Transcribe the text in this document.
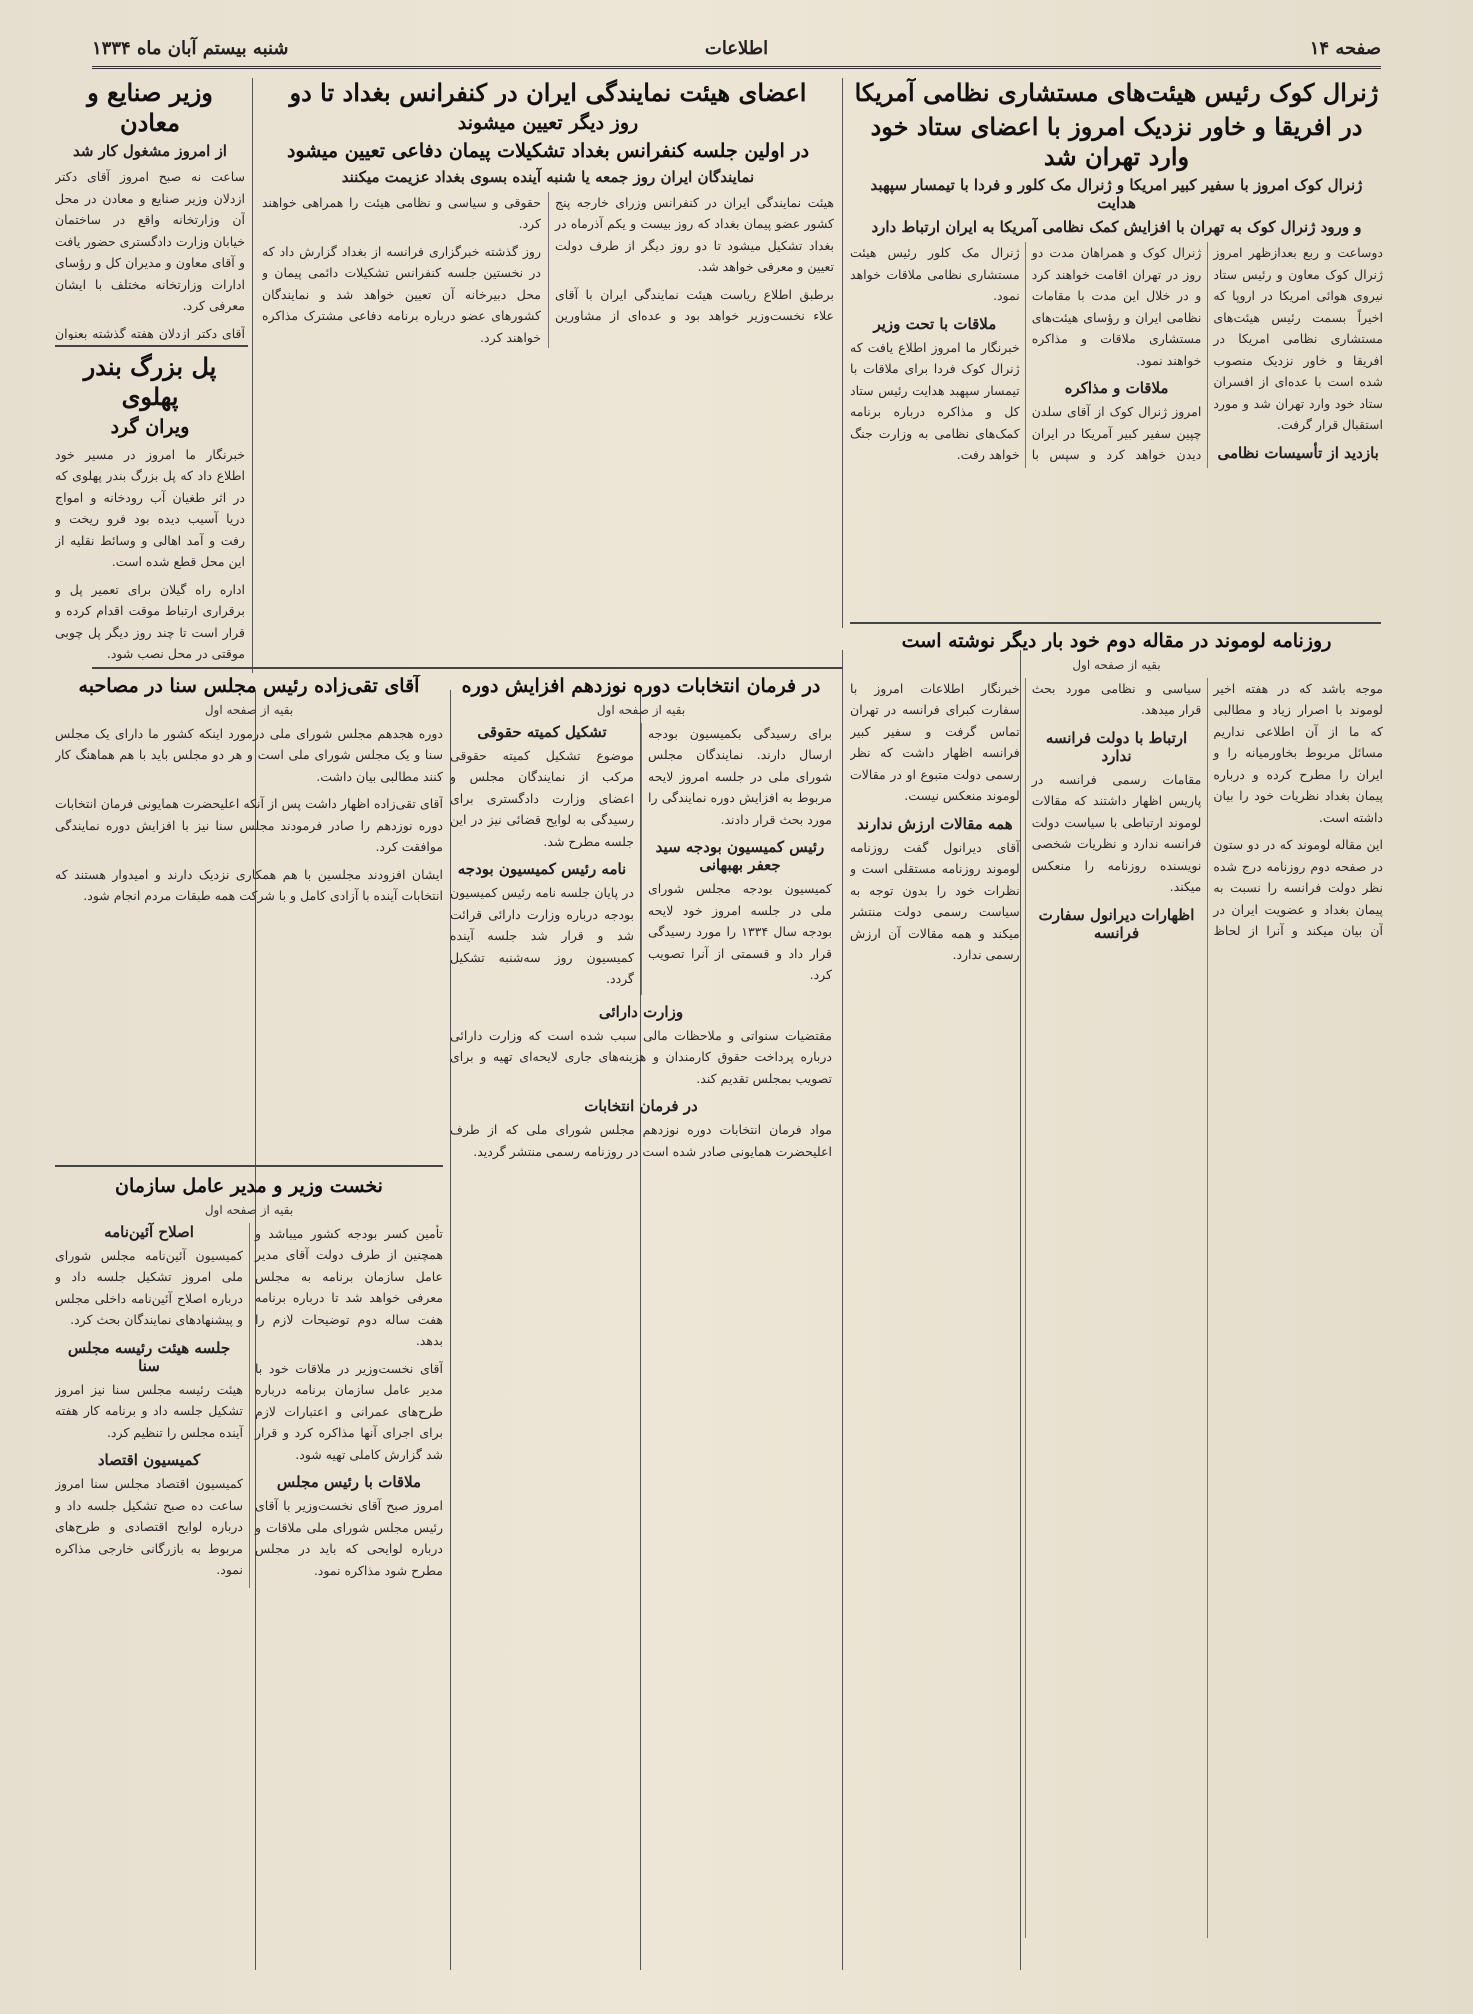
صفحه ۱۴
اطلاعات
شنبه بیستم آبان ماه ۱۳۳۴
ژنرال کوک رئیس هیئت‌های مستشاری نظامی آمریکا
در افریقا و خاور نزدیک امروز با اعضای ستاد خود وارد تهران شد
ژنرال کوک امروز با سفیر کبیر امریکا و ژنرال مک کلور و فردا با تیمسار سپهبد هدایت
و ورود ژنرال کوک به تهران با افزایش کمک نظامی آمریکا به ایران ارتباط دارد

دوساعت و ربع بعدازظهر امروز ژنرال کوک معاون و رئیس ستاد نیروی هوائی امریکا در اروپا که اخیراً بسمت رئیس هیئت‌های مستشاری نظامی امریکا در افریقا و خاور نزدیک منصوب شده است با عده‌ای از افسران ستاد خود وارد تهران شد و مورد استقبال قرار گرفت.

بازدید از تأسیسات نظامی

ژنرال کوک و همراهان مدت دو روز در تهران اقامت خواهند کرد و در خلال این مدت با مقامات نظامی ایران و رؤسای هیئت‌های مستشاری ملاقات و مذاکره خواهند نمود.

ملاقات و مذاکره

امروز ژنرال کوک از آقای سلدن چپین سفیر کبیر آمریکا در ایران دیدن خواهد کرد و سپس با ژنرال مک کلور رئیس هیئت مستشاری نظامی ملاقات خواهد نمود.

ملاقات با تحت وزیر

خبرنگار ما امروز اطلاع یافت که ژنرال کوک فردا برای ملاقات با تیمسار سپهبد هدایت رئیس ستاد کل و مذاکره درباره برنامه کمک‌های نظامی به وزارت جنگ خواهد رفت.

اعضای هیئت نمایندگی ایران در کنفرانس بغداد تا دو
روز دیگر تعیین میشوند
در اولین جلسه کنفرانس بغداد تشکیلات پیمان دفاعی تعیین میشود
نمایندگان ایران روز جمعه یا شنبه آینده بسوی بغداد عزیمت میکنند

هیئت نمایندگی ایران در کنفرانس وزرای خارجه پنج کشور عضو پیمان بغداد که روز بیست و یکم آذرماه در بغداد تشکیل میشود تا دو روز دیگر از طرف دولت تعیین و معرفی خواهد شد.

برطبق اطلاع ریاست هیئت نمایندگی ایران با آقای علاء نخست‌وزیر خواهد بود و عده‌ای از مشاورین حقوقی و سیاسی و نظامی هیئت را همراهی خواهند کرد.

روز گذشته خبرگزاری فرانسه از بغداد گزارش داد که در نخستین جلسه کنفرانس تشکیلات دائمی پیمان و محل دبیرخانه آن تعیین خواهد شد و نمایندگان کشورهای عضو درباره برنامه دفاعی مشترک مذاکره خواهند کرد.

وزیر صنایع و معادن
از امروز مشغول کار شد

ساعت نه صبح امروز آقای دکتر ازدلان وزیر صنایع و معادن در محل آن وزارتخانه واقع در ساختمان خیابان وزارت دادگستری حضور یافت و آقای معاون و مدیران کل و رؤسای ادارات وزارتخانه مختلف با ایشان معرفی کرد.

آقای دکتر ازدلان هفته گذشته بعنوان

پل بزرگ بندر پهلوی
ویران گرد

خبرنگار ما امروز در مسیر خود اطلاع داد که پل بزرگ بندر پهلوی که در اثر طغیان آب رودخانه و امواج دریا آسیب دیده بود فرو ریخت و رفت و آمد اهالی و وسائط نقلیه از این محل قطع شده است.

اداره راه گیلان برای تعمیر پل و برقراری ارتباط موقت اقدام کرده و قرار است تا چند روز دیگر پل چوبی موقتی در محل نصب شود.

روزنامه لوموند در مقاله دوم خود بار دیگر نوشته است
بقیه از صفحه اول

موجه باشد که در هفته اخیر لوموند با اصرار زیاد و مطالبی که ما از آن اطلاعی نداریم مسائل مربوط بخاورمیانه را و ایران را مطرح کرده و درباره پیمان بغداد نظریات خود را بیان داشته است.

این مقاله لوموند که در دو ستون در صفحه دوم روزنامه درج شده نظر دولت فرانسه را نسبت به پیمان بغداد و عضویت ایران در آن بیان میکند و آنرا از لحاظ سیاسی و نظامی مورد بحث قرار میدهد.

ارتباط با دولت فرانسه ندارد

مقامات رسمی فرانسه در پاریس اظهار داشتند که مقالات لوموند ارتباطی با سیاست دولت فرانسه ندارد و نظریات شخصی نویسنده روزنامه را منعکس میکند.

اظهارات دیرانول سفارت فرانسه

خبرنگار اطلاعات امروز با سفارت کبرای فرانسه در تهران تماس گرفت و سفیر کبیر فرانسه اظهار داشت که نظر رسمی دولت متبوع او در مقالات لوموند منعکس نیست.

همه مقالات ارزش ندارند

آقای دیرانول گفت روزنامه لوموند روزنامه مستقلی است و نظرات خود را بدون توجه به سیاست رسمی دولت منتشر میکند و همه مقالات آن ارزش رسمی ندارد.

در فرمان انتخابات دوره نوزدهم افزایش دوره
بقیه از صفحه اول

برای رسیدگی بکمیسیون بودجه ارسال دارند. نمایندگان مجلس شورای ملی در جلسه امروز لایحه مربوط به افزایش دوره نمایندگی را مورد بحث قرار دادند.

رئیس کمیسیون بودجه سید جعفر بهبهانی

کمیسیون بودجه مجلس شورای ملی در جلسه امروز خود لایحه بودجه سال ۱۳۳۴ را مورد رسیدگی قرار داد و قسمتی از آنرا تصویب کرد.

تشکیل کمیته حقوقی

موضوع تشکیل کمیته حقوقی مرکب از نمایندگان مجلس و اعضای وزارت دادگستری برای رسیدگی به لوایح قضائی نیز در این جلسه مطرح شد.

نامه رئیس کمیسیون بودجه

در پایان جلسه نامه رئیس کمیسیون بودجه درباره وزارت دارائی قرائت شد و قرار شد جلسه آینده کمیسیون روز سه‌شنبه تشکیل گردد.

وزارت دارائی

مقتضیات سنواتی و ملاحظات مالی سبب شده است که وزارت دارائی درباره پرداخت حقوق کارمندان و هزینه‌های جاری لایحه‌ای تهیه و برای تصویب بمجلس تقدیم کند.

در فرمان انتخابات

مواد فرمان انتخابات دوره نوزدهم مجلس شورای ملی که از طرف اعلیحضرت همایونی صادر شده است در روزنامه رسمی منتشر گردید.

آقای تقی‌زاده رئیس مجلس سنا در مصاحبه
بقیه از صفحه اول

دوره هجدهم مجلس شورای ملی درمورد اینکه کشور ما دارای یک مجلس سنا و یک مجلس شورای ملی است و هر دو مجلس باید با هم هماهنگ کار کنند مطالبی بیان داشت.

آقای تقی‌زاده اظهار داشت پس از آنکه اعلیحضرت همایونی فرمان انتخابات دوره نوزدهم را صادر فرمودند مجلس سنا نیز با افزایش دوره نمایندگی موافقت کرد.

ایشان افزودند مجلسین با هم همکاری نزدیک دارند و امیدوار هستند که انتخابات آینده با آزادی کامل و با شرکت همه طبقات مردم انجام شود.

نخست وزیر و مدیر عامل سازمان
بقیه از صفحه اول

تأمین کسر بودجه کشور میباشد و همچنین از طرف دولت آقای مدیر عامل سازمان برنامه به مجلس معرفی خواهد شد تا درباره برنامه هفت ساله دوم توضیحات لازم را بدهد.

آقای نخست‌وزیر در ملاقات خود با مدیر عامل سازمان برنامه درباره طرح‌های عمرانی و اعتبارات لازم برای اجرای آنها مذاکره کرد و قرار شد گزارش کاملی تهیه شود.

ملاقات با رئیس مجلس

امروز صبح آقای نخست‌وزیر با آقای رئیس مجلس شورای ملی ملاقات و درباره لوایحی که باید در مجلس مطرح شود مذاکره نمود.

اصلاح آئین‌نامه

کمیسیون آئین‌نامه مجلس شورای ملی امروز تشکیل جلسه داد و درباره اصلاح آئین‌نامه داخلی مجلس و پیشنهادهای نمایندگان بحث کرد.

جلسه هیئت رئیسه مجلس سنا

هیئت رئیسه مجلس سنا نیز امروز تشکیل جلسه داد و برنامه کار هفته آینده مجلس را تنظیم کرد.

کمیسیون اقتصاد

کمیسیون اقتصاد مجلس سنا امروز ساعت ده صبح تشکیل جلسه داد و درباره لوایح اقتصادی و طرح‌های مربوط به بازرگانی خارجی مذاکره نمود.
